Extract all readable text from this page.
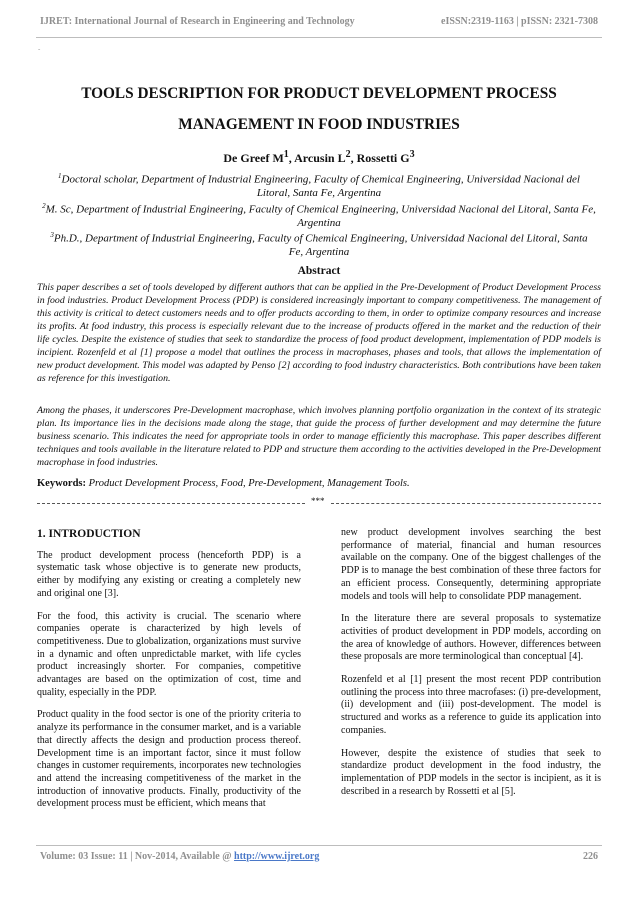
IJRET: International Journal of Research in Engineering and Technology	eISSN:2319-1163 | pISSN: 2321-7308
-
TOOLS DESCRIPTION FOR PRODUCT DEVELOPMENT PROCESS
MANAGEMENT IN FOOD INDUSTRIES
De Greef $M^1$, Arcusin $L^2$, Rossetti $G^3$
$^1$Doctoral scholar, Department of Industrial Engineering, Faculty of Chemical Engineering, Universidad Nacional del Litoral, Santa Fe, Argentina
$^2$M. Sc, Department of Industrial Engineering, Faculty of Chemical Engineering, Universidad Nacional del Litoral, Santa Fe, Argentina
$^3$Ph.D., Department of Industrial Engineering, Faculty of Chemical Engineering, Universidad Nacional del Litoral, Santa Fe, Argentina
Abstract
This paper describes a set of tools developed by different authors that can be applied in the Pre-Development of Product Development Process in food industries. Product Development Process (PDP) is considered increasingly important to company competitiveness. The management of this activity is critical to detect customers needs and to offer products according to them, in order to optimize company resources and increase its profits. At food industry, this process is especially relevant due to the increase of products offered in the market and the reduction of their life cycles. Despite the existence of studies that seek to standardize the process of food product development, implementation of PDP models is incipient. Rozenfeld et al [1] propose a model that outlines the process in macrophases, phases and tools, that allows the implementation of new product development. This model was adapted by Penso [2] according to food industry characteristics. Both contributions have been taken as reference for this investigation.
Among the phases, it underscores Pre-Development macrophase, which involves planning portfolio organization in the context of its strategic plan. Its importance lies in the decisions made along the stage, that guide the process of further development and may determine the future business scenario. This indicates the need for appropriate tools in order to manage efficiently this macrophase. This paper describes different techniques and tools available in the literature related to PDP and structure them according to the activities developed in the Pre-Development macrophase in food industries.
Keywords: Product Development Process, Food, Pre-Development, Management Tools.
***

1. INTRODUCTION

The product development process (henceforth PDP) is a systematic task whose objective is to generate new products, either by modifying any existing or creating a completely new and original one [3].

For the food, this activity is crucial. The scenario where companies operate is characterized by high levels of competitiveness. Due to globalization, organizations must survive in a dynamic and often unpredictable market, with life cycles product increasingly shorter. For companies, competitive advantages are based on the optimization of cost, time and quality, especially in the PDP.

Product quality in the food sector is one of the priority criteria to analyze its performance in the consumer market, and is a variable that directly affects the design and production process thereof. Development time is an important factor, since it must follow changes in customer requirements, incorporates new technologies and attend the increasing competitiveness of the market in the introduction of innovative products. Finally, productivity of the development process must be efficient, which means that

new product development involves searching the best performance of material, financial and human resources available on the company. One of the biggest challenges of the PDP is to manage the best combination of these three factors for an efficient process. Consequently, determining appropriate models and tools will help to consolidate PDP management.

In the literature there are several proposals to systematize activities of product development in PDP models, according on the area of knowledge of authors. However, differences between these proposals are more terminological than conceptual [4].

Rozenfeld et al [1] present the most recent PDP contribution outlining the process into three macrofases: (i) pre-development, (ii) development and (iii) post-development. The model is structured and works as a reference to guide its application into companies.

However, despite the existence of studies that seek to standardize product development in the food industry, the implementation of PDP models in the sector is incipient, as it is described in a research by Rossetti et al [5].

Volume: 03 Issue: 11 | Nov-2014, Available @ http://www.ijret.org	226
